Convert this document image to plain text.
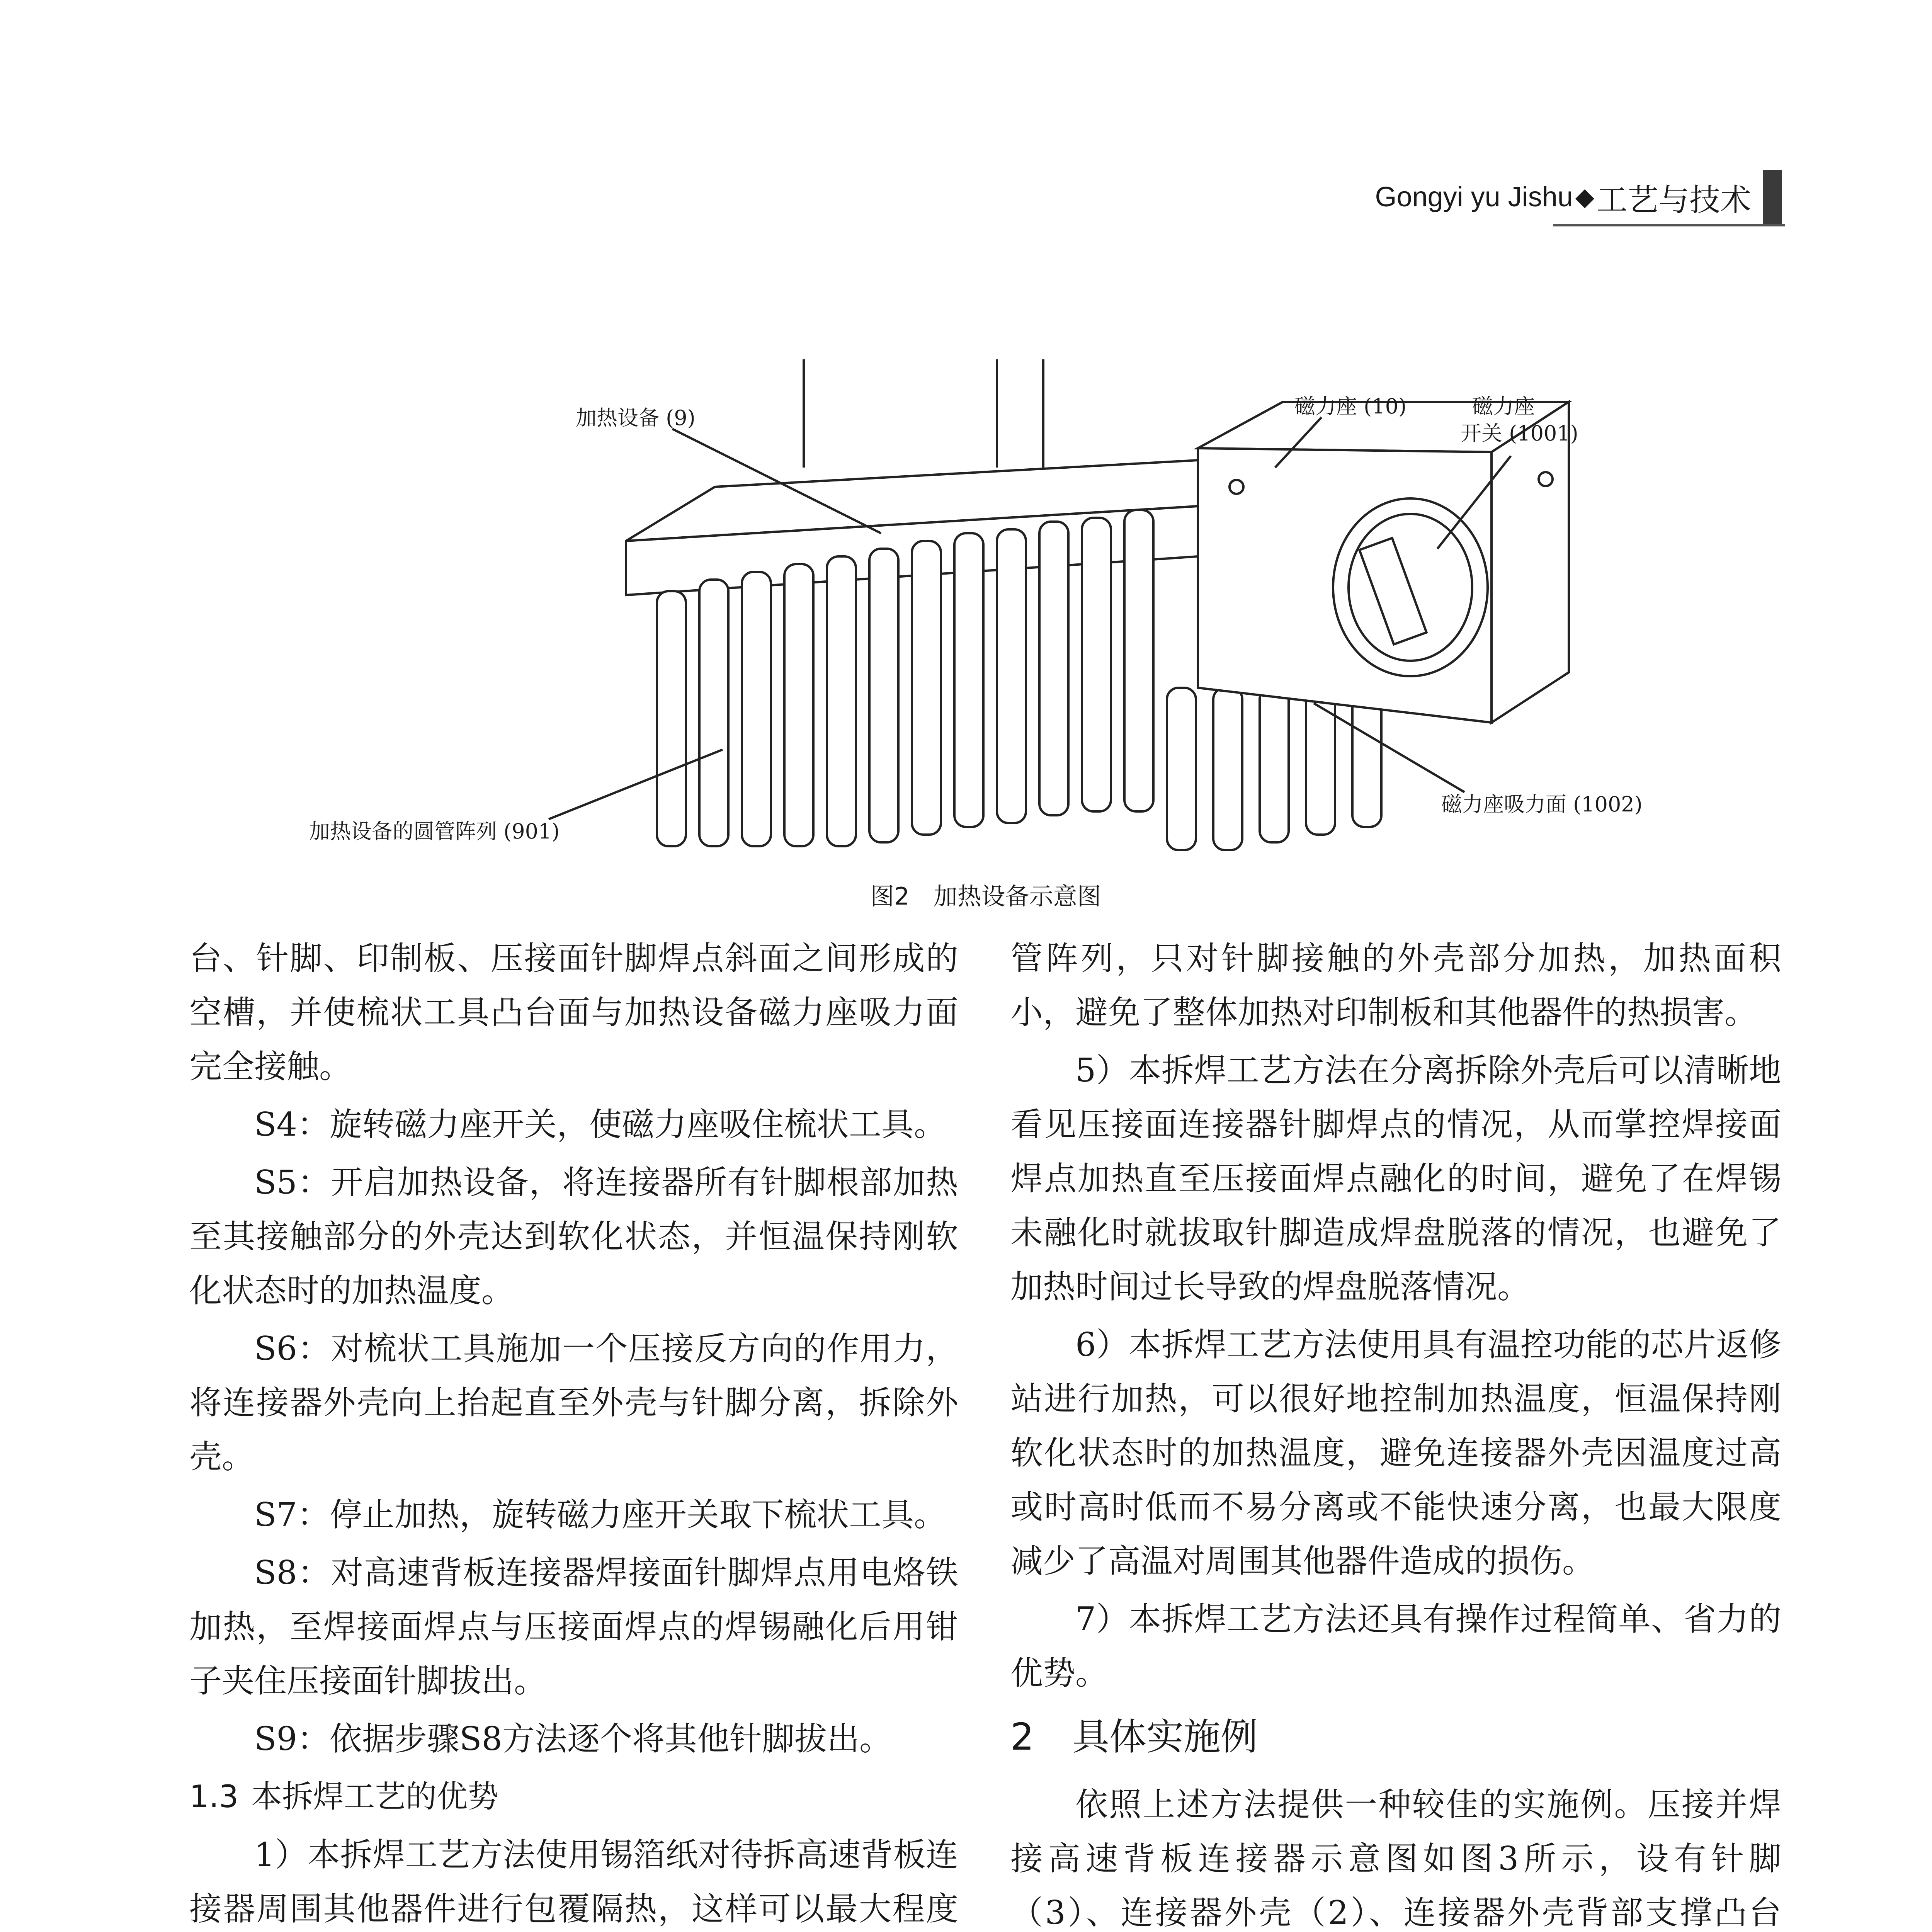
Gongyi yu Jishu ◆ 工艺与技术
加热设备 (9)	磁力座 (10)	磁力座
开关 (1001)
加热设备的圆管阵列 (901)
磁力座吸力面 (1002)
图2　加热设备示意图

台、针脚、印制板、压接面针脚焊点斜面之间形成的空槽，并使梳状工具凸台面与加热设备磁力座吸力面完全接触。

S4：旋转磁力座开关，使磁力座吸住梳状工具。

S5：开启加热设备，将连接器所有针脚根部加热至其接触部分的外壳达到软化状态，并恒温保持刚软化状态时的加热温度。

S6：对梳状工具施加一个压接反方向的作用力，将连接器外壳向上抬起直至外壳与针脚分离，拆除外壳。

S7：停止加热，旋转磁力座开关取下梳状工具。

S8：对高速背板连接器焊接面针脚焊点用电烙铁加热，至焊接面焊点与压接面焊点的焊锡融化后用钳子夹住压接面针脚拔出。

S9：依据步骤S8方法逐个将其他针脚拔出。

1.3 本拆焊工艺的优势

1）本拆焊工艺方法使用锡箔纸对待拆高速背板连接器周围其他器件进行包覆隔热，这样可以最大程度

管阵列，只对针脚接触的外壳部分加热，加热面积小，避免了整体加热对印制板和其他器件的热损害。

5）本拆焊工艺方法在分离拆除外壳后可以清晰地看见压接面连接器针脚焊点的情况，从而掌控焊接面焊点加热直至压接面焊点融化的时间，避免了在焊锡未融化时就拔取针脚造成焊盘脱落的情况，也避免了加热时间过长导致的焊盘脱落情况。

6）本拆焊工艺方法使用具有温控功能的芯片返修站进行加热，可以很好地控制加热温度，恒温保持刚软化状态时的加热温度，避免连接器外壳因温度过高或时高时低而不易分离或不能快速分离，也最大限度减少了高温对周围其他器件造成的损伤。

7）本拆焊工艺方法还具有操作过程简单、省力的优势。

2 具体实施例

依照上述方法提供一种较佳的实施例。压接并焊接高速背板连接器示意图如图3所示，设有针脚（3）、连接器外壳（2）、连接器外壳背部支撑凸台
